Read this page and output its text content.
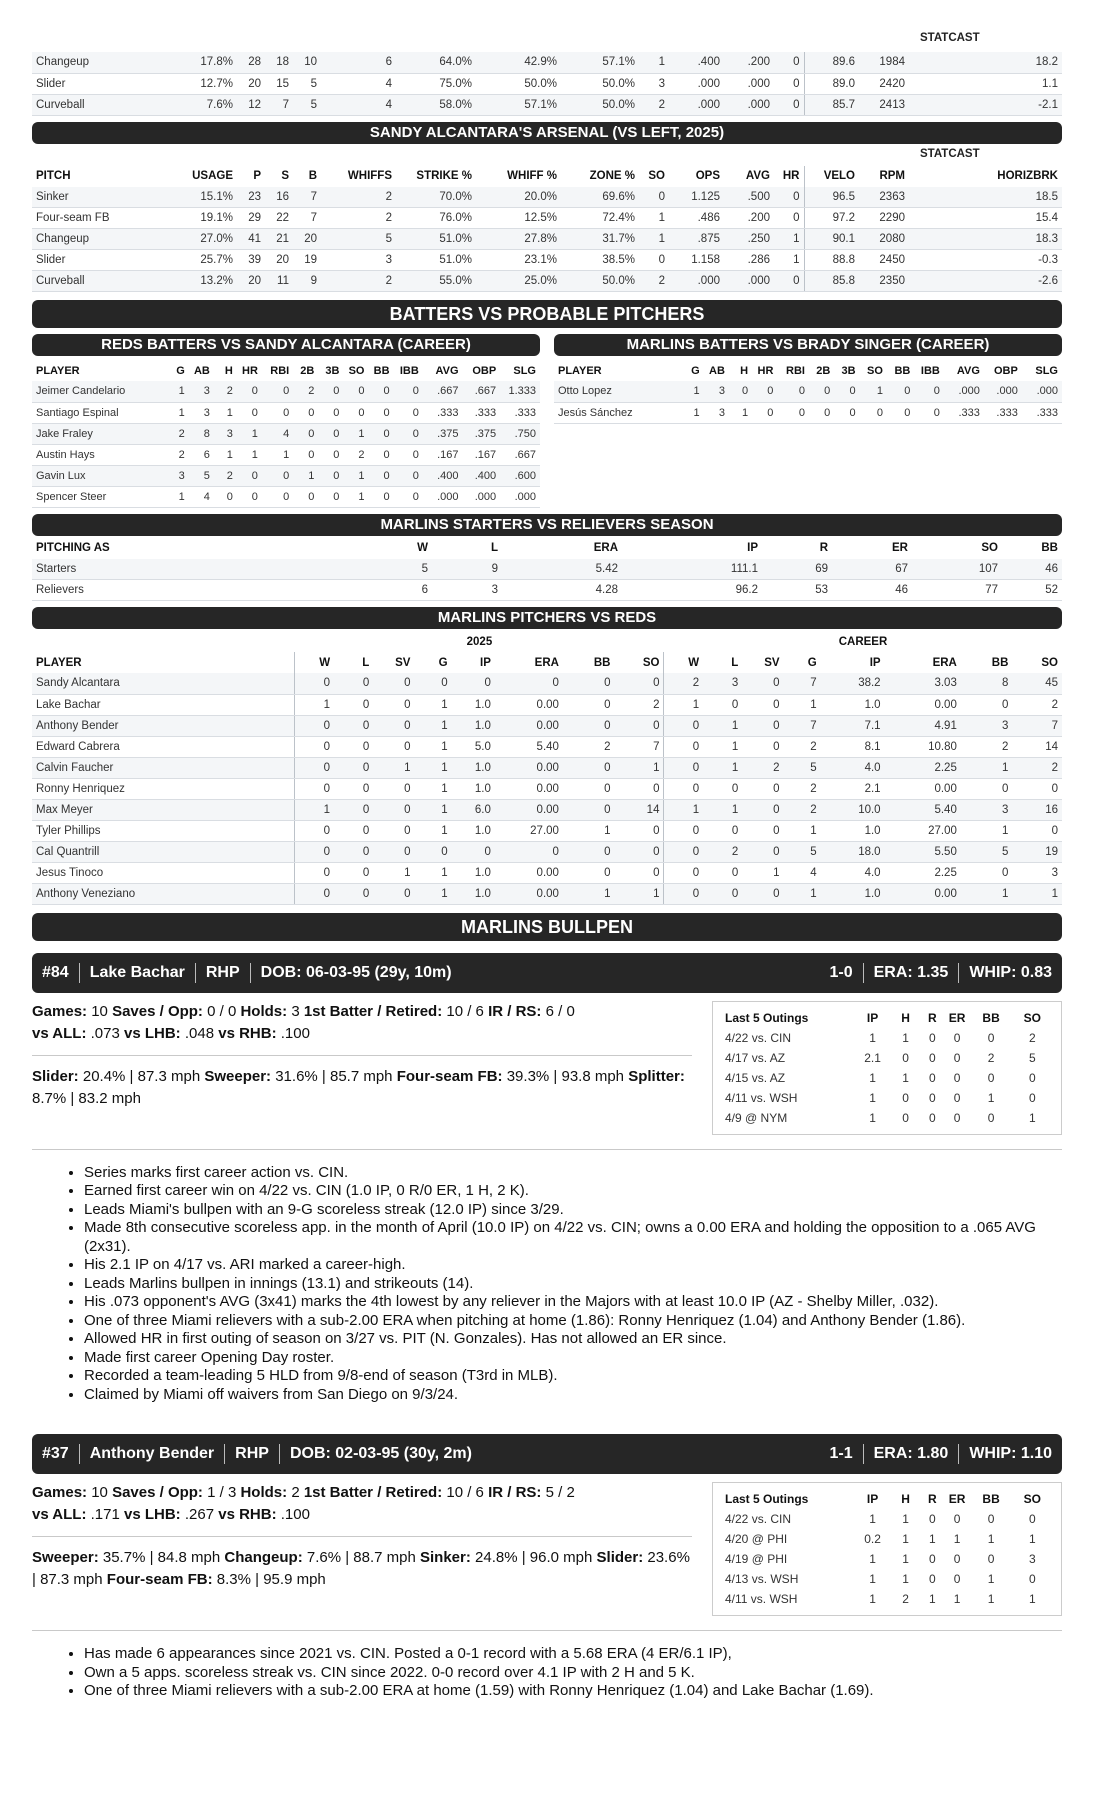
STATCAST
Changeup	17.8%	28	18	10	6	64.0%	42.9%	57.1%	1	.400	.200	0	89.6	1984	18.2
Slider	12.7%	20	15	5	4	75.0%	50.0%	50.0%	3	.000	.000	0	89.0	2420	1.1
Curveball	7.6%	12	7	5	4	58.0%	57.1%	50.0%	2	.000	.000	0	85.7	2413	-2.1
SANDY ALCANTARA'S ARSENAL (VS LEFT, 2025)
STATCAST
PITCH	USAGE	P	S	B	WHIFFS	STRIKE %	WHIFF %	ZONE %	SO	OPS	AVG	HR	VELO	RPM	HORIZBRK
Sinker	15.1%	23	16	7	2	70.0%	20.0%	69.6%	0	1.125	.500	0	96.5	2363	18.5
Four-seam FB	19.1%	29	22	7	2	76.0%	12.5%	72.4%	1	.486	.200	0	97.2	2290	15.4
Changeup	27.0%	41	21	20	5	51.0%	27.8%	31.7%	1	.875	.250	1	90.1	2080	18.3
Slider	25.7%	39	20	19	3	51.0%	23.1%	38.5%	0	1.158	.286	1	88.8	2450	-0.3
Curveball	13.2%	20	11	9	2	55.0%	25.0%	50.0%	2	.000	.000	0	85.8	2350	-2.6
BATTERS VS PROBABLE PITCHERS
REDS BATTERS VS SANDY ALCANTARA (CAREER)
PLAYER	G	AB	H	HR	RBI	2B	3B	SO	BB	IBB	AVG	OBP	SLG
Jeimer Candelario	1	3	2	0	0	2	0	0	0	0	.667	.667	1.333
Santiago Espinal	1	3	1	0	0	0	0	0	0	0	.333	.333	.333
Jake Fraley	2	8	3	1	4	0	0	1	0	0	.375	.375	.750
Austin Hays	2	6	1	1	1	0	0	2	0	0	.167	.167	.667
Gavin Lux	3	5	2	0	0	1	0	1	0	0	.400	.400	.600
Spencer Steer	1	4	0	0	0	0	0	1	0	0	.000	.000	.000
MARLINS BATTERS VS BRADY SINGER (CAREER)
PLAYER	G	AB	H	HR	RBI	2B	3B	SO	BB	IBB	AVG	OBP	SLG
Otto Lopez	1	3	0	0	0	0	0	1	0	0	.000	.000	.000
Jesús Sánchez	1	3	1	0	0	0	0	0	0	0	.333	.333	.333
MARLINS STARTERS VS RELIEVERS SEASON
PITCHING AS	W	L	ERA	IP	R	ER	SO	BB
Starters	5	9	5.42	111.1	69	67	107	46
Relievers	6	3	4.28	96.2	53	46	77	52
MARLINS PITCHERS VS REDS
	2025								CAREER							
PLAYER	W	L	SV	G	IP	ERA	BB	SO	W	L	SV	G	IP	ERA	BB	SO
Sandy Alcantara	0	0	0	0	0	0	0	0	2	3	0	7	38.2	3.03	8	45
Lake Bachar	1	0	0	1	1.0	0.00	0	2	1	0	0	1	1.0	0.00	0	2
Anthony Bender	0	0	0	1	1.0	0.00	0	0	0	1	0	7	7.1	4.91	3	7
Edward Cabrera	0	0	0	1	5.0	5.40	2	7	0	1	0	2	8.1	10.80	2	14
Calvin Faucher	0	0	1	1	1.0	0.00	0	1	0	1	2	5	4.0	2.25	1	2
Ronny Henriquez	0	0	0	1	1.0	0.00	0	0	0	0	0	2	2.1	0.00	0	0
Max Meyer	1	0	0	1	6.0	0.00	0	14	1	1	0	2	10.0	5.40	3	16
Tyler Phillips	0	0	0	1	1.0	27.00	1	0	0	0	0	1	1.0	27.00	1	0
Cal Quantrill	0	0	0	0	0	0	0	0	0	2	0	5	18.0	5.50	5	19
Jesus Tinoco	0	0	1	1	1.0	0.00	0	0	0	0	1	4	4.0	2.25	0	3
Anthony Veneziano	0	0	0	1	1.0	0.00	1	1	0	0	0	1	1.0	0.00	1	1
MARLINS BULLPEN
#84 Lake Bachar RHP DOB: 06-03-95 (29y, 10m)	1-0 ERA: 1.35 WHIP: 0.83
Games: 10 Saves / Opp: 0 / 0 Holds: 3 1st Batter / Retired: 10 / 6 IR / RS: 6 / 0
vs ALL: .073 vs LHB: .048 vs RHB: .100
Slider: 20.4% | 87.3 mph Sweeper: 31.6% | 85.7 mph Four-seam FB: 39.3% | 93.8 mph Splitter: 8.7% | 83.2 mph
Last 5 Outings	IP	H	R	ER	BB	SO
4/22 vs. CIN	1	1	0	0	0	2
4/17 vs. AZ	2.1	0	0	0	2	5
4/15 vs. AZ	1	1	0	0	0	0
4/11 vs. WSH	1	0	0	0	1	0
4/9 @ NYM	1	0	0	0	0	1
• Series marks first career action vs. CIN.
• Earned first career win on 4/22 vs. CIN (1.0 IP, 0 R/0 ER, 1 H, 2 K).
• Leads Miami's bullpen with an 9-G scoreless streak (12.0 IP) since 3/29.
• Made 8th consecutive scoreless app. in the month of April (10.0 IP) on 4/22 vs. CIN; owns a 0.00 ERA and holding the opposition to a .065 AVG (2x31).
• His 2.1 IP on 4/17 vs. ARI marked a career-high.
• Leads Marlins bullpen in innings (13.1) and strikeouts (14).
• His .073 opponent's AVG (3x41) marks the 4th lowest by any reliever in the Majors with at least 10.0 IP (AZ - Shelby Miller, .032).
• One of three Miami relievers with a sub-2.00 ERA when pitching at home (1.86): Ronny Henriquez (1.04) and Anthony Bender (1.86).
• Allowed HR in first outing of season on 3/27 vs. PIT (N. Gonzales). Has not allowed an ER since.
• Made first career Opening Day roster.
• Recorded a team-leading 5 HLD from 9/8-end of season (T3rd in MLB).
• Claimed by Miami off waivers from San Diego on 9/3/24.
#37 Anthony Bender RHP DOB: 02-03-95 (30y, 2m)	1-1 ERA: 1.80 WHIP: 1.10
Games: 10 Saves / Opp: 1 / 3 Holds: 2 1st Batter / Retired: 10 / 6 IR / RS: 5 / 2
vs ALL: .171 vs LHB: .267 vs RHB: .100
Sweeper: 35.7% | 84.8 mph Changeup: 7.6% | 88.7 mph Sinker: 24.8% | 96.0 mph Slider: 23.6% | 87.3 mph Four-seam FB: 8.3% | 95.9 mph
Last 5 Outings	IP	H	R	ER	BB	SO
4/22 vs. CIN	1	1	0	0	0	0
4/20 @ PHI	0.2	1	1	1	1	1
4/19 @ PHI	1	1	0	0	0	3
4/13 vs. WSH	1	1	0	0	1	0
4/11 vs. WSH	1	2	1	1	1	1
• Has made 6 appearances since 2021 vs. CIN. Posted a 0-1 record with a 5.68 ERA (4 ER/6.1 IP),
• Own a 5 apps. scoreless streak vs. CIN since 2022. 0-0 record over 4.1 IP with 2 H and 5 K.
• One of three Miami relievers with a sub-2.00 ERA at home (1.59) with Ronny Henriquez (1.04) and Lake Bachar (1.69).
